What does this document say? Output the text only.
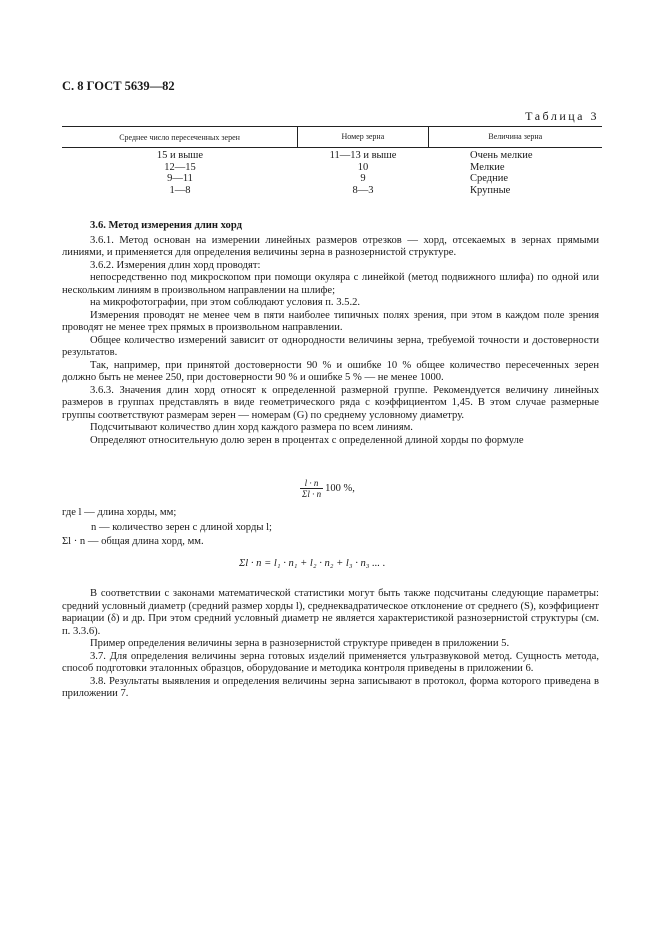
С. 8 ГОСТ 5639—82
Таблица 3
Среднее число пересеченных зерен	Номер зерна	Величина зерна
15 и выше
12—15
9—11
1—8
11—13 и выше
10
9
8—3
Очень мелкие
Мелкие
Средние
Крупные

3.6. Метод измерения длин хорд

3.6.1. Метод основан на измерении линейных размеров отрезков — хорд, отсекаемых в зернах прямыми линиями, и применяется для определения величины зерна в разнозернистой структуре.

3.6.2. Измерения длин хорд проводят:

непосредственно под микроскопом при помощи окуляра с линейкой (метод подвижного шлифа) по одной или нескольким линиям в произвольном направлении на шлифе;

на микрофотографии, при этом соблюдают условия п. 3.5.2.

Измерения проводят не менее чем в пяти наиболее типичных полях зрения, при этом в каждом поле зрения проводят не менее трех прямых в произвольном направлении.

Общее количество измерений зависит от однородности величины зерна, требуемой точности и достоверности результатов.

Так, например, при принятой достоверности 90 % и ошибке 10 % общее количество пересеченных зерен должно быть не менее 250, при достоверности 90 % и ошибке 5 % — не менее 1000.

3.6.3. Значения длин хорд относят к определенной размерной группе. Рекомендуется величину линейных размеров в группах представлять в виде геометрического ряда с коэффициентом 1,45. В этом случае размерные группы соответствуют размерам зерен — номерам (G) по среднему условному диаметру.

Подсчитывают количество длин хорд каждого размера по всем линиям.

Определяют относительную долю зерен в процентах с определенной длиной хорды по формуле

$\frac{l \cdot n}{\Sigma l \cdot n} 100$ %,
где l — длина хорды, мм;
n — количество зерен с длиной хорды l;
Σl · n — общая длина хорд, мм.
Σl · n = l₁ · n₁ + l₂ · n₂ + l₃ · n₃ ... .

В соответствии с законами математической статистики могут быть также подсчитаны следующие параметры: средний условный диаметр (средний размер хорды l), среднеквадратическое отклонение от среднего (S), коэффициент вариации (δ) и др. При этом средний условный диаметр не является характеристикой разнозернистой структуры (см. п. 3.3.6).

Пример определения величины зерна в разнозернистой структуре приведен в приложении 5.

3.7. Для определения величины зерна готовых изделий применяется ультразвуковой метод. Сущность метода, способ подготовки эталонных образцов, оборудование и методика контроля приведены в приложении 6.

3.8. Результаты выявления и определения величины зерна записывают в протокол, форма которого приведена в приложении 7.
